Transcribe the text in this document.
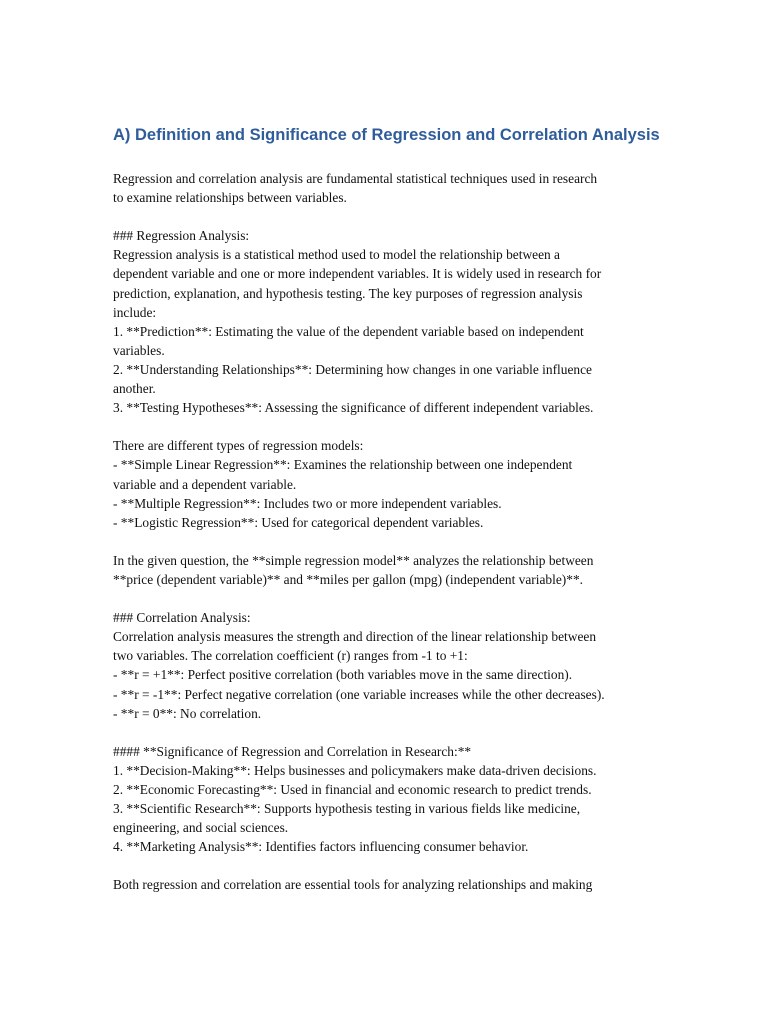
A) Definition and Significance of Regression and Correlation Analysis
Regression and correlation analysis are fundamental statistical techniques used in research
to examine relationships between variables.
### Regression Analysis:
Regression analysis is a statistical method used to model the relationship between a
dependent variable and one or more independent variables. It is widely used in research for
prediction, explanation, and hypothesis testing. The key purposes of regression analysis
include:
1. **Prediction**: Estimating the value of the dependent variable based on independent
variables.
2. **Understanding Relationships**: Determining how changes in one variable influence
another.
3. **Testing Hypotheses**: Assessing the significance of different independent variables.
There are different types of regression models:
- **Simple Linear Regression**: Examines the relationship between one independent
variable and a dependent variable.
- **Multiple Regression**: Includes two or more independent variables.
- **Logistic Regression**: Used for categorical dependent variables.
In the given question, the **simple regression model** analyzes the relationship between
**price (dependent variable)** and **miles per gallon (mpg) (independent variable)**.
### Correlation Analysis:
Correlation analysis measures the strength and direction of the linear relationship between
two variables. The correlation coefficient (r) ranges from -1 to +1:
- **r = +1**: Perfect positive correlation (both variables move in the same direction).
- **r = -1**: Perfect negative correlation (one variable increases while the other decreases).
- **r = 0**: No correlation.
#### **Significance of Regression and Correlation in Research:**
1. **Decision-Making**: Helps businesses and policymakers make data-driven decisions.
2. **Economic Forecasting**: Used in financial and economic research to predict trends.
3. **Scientific Research**: Supports hypothesis testing in various fields like medicine,
engineering, and social sciences.
4. **Marketing Analysis**: Identifies factors influencing consumer behavior.
Both regression and correlation are essential tools for analyzing relationships and making
